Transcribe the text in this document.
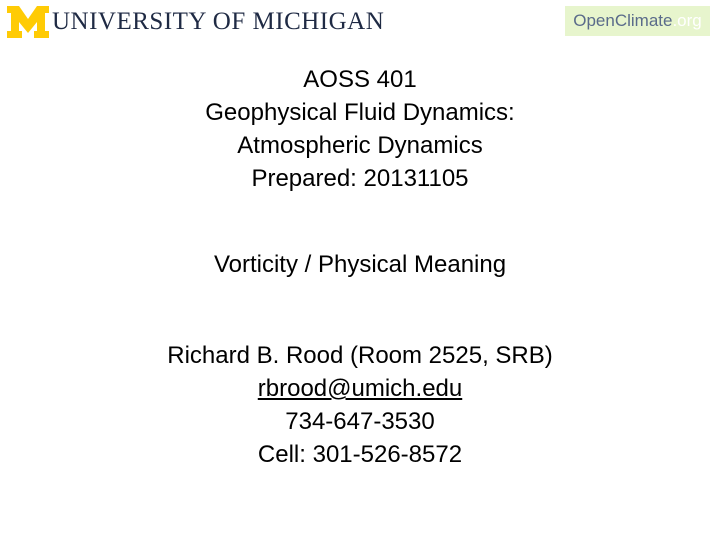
UNIVERSITY OF MICHIGAN	OpenClimate .org
AOSS 401
Geophysical Fluid Dynamics:
Atmospheric Dynamics
Prepared: 20131105
Vorticity / Physical Meaning
Richard B. Rood (Room 2525, SRB)
rbrood@umich.edu
734-647-3530
Cell: 301-526-8572
